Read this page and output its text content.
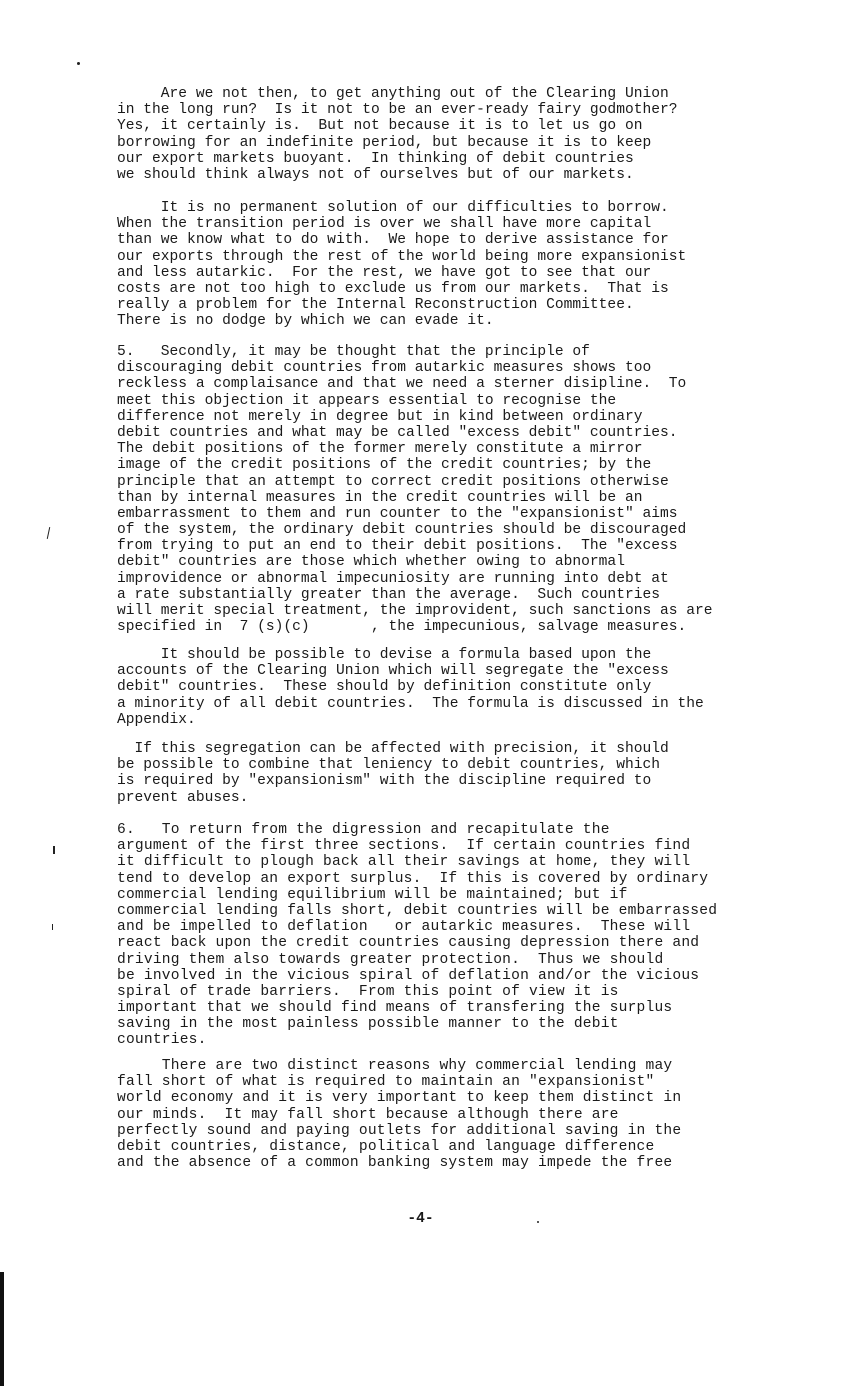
Are we not then, to get anything out of the Clearing Union
in the long run?  Is it not to be an ever-ready fairy godmother?
Yes, it certainly is.  But not because it is to let us go on
borrowing for an indefinite period, but because it is to keep
our export markets buoyant.  In thinking of debit countries
we should think always not of ourselves but of our markets.
It is no permanent solution of our difficulties to borrow.
When the transition period is over we shall have more capital
than we know what to do with.  We hope to derive assistance for
our exports through the rest of the world being more expansionist
and less autarkic.  For the rest, we have got to see that our
costs are not too high to exclude us from our markets.  That is
really a problem for the Internal Reconstruction Committee.
There is no dodge by which we can evade it.
5.   Secondly, it may be thought that the principle of
discouraging debit countries from autarkic measures shows too
reckless a complaisance and that we need a sterner disipline.  To
meet this objection it appears essential to recognise the
difference not merely in degree but in kind between ordinary
debit countries and what may be called "excess debit" countries.
The debit positions of the former merely constitute a mirror
image of the credit positions of the credit countries; by the
principle that an attempt to correct credit positions otherwise
than by internal measures in the credit countries will be an
embarrassment to them and run counter to the "expansionist" aims
of the system, the ordinary debit countries should be discouraged
from trying to put an end to their debit positions.  The "excess
debit" countries are those which whether owing to abnormal
improvidence or abnormal impecuniosity are running into debt at
a rate substantially greater than the average.  Such countries
will merit special treatment, the improvident, such sanctions as are
specified in  7 (s)(c)       , the impecunious, salvage measures.
It should be possible to devise a formula based upon the
accounts of the Clearing Union which will segregate the "excess
debit" countries.  These should by definition constitute only
a minority of all debit countries.  The formula is discussed in the
Appendix.
If this segregation can be affected with precision, it should
be possible to combine that leniency to debit countries, which
is required by "expansionism" with the discipline required to
prevent abuses.
6.   To return from the digression and recapitulate the
argument of the first three sections.  If certain countries find
it difficult to plough back all their savings at home, they will
tend to develop an export surplus.  If this is covered by ordinary
commercial lending equilibrium will be maintained; but if
commercial lending falls short, debit countries will be embarrassed
and be impelled to deflation   or autarkic measures.  These will
react back upon the credit countries causing depression there and
driving them also towards greater protection.  Thus we should
be involved in the vicious spiral of deflation and/or the vicious
spiral of trade barriers.  From this point of view it is
important that we should find means of transfering the surplus
saving in the most painless possible manner to the debit
countries.
There are two distinct reasons why commercial lending may
fall short of what is required to maintain an "expansionist"
world economy and it is very important to keep them distinct in
our minds.  It may fall short because although there are
perfectly sound and paying outlets for additional saving in the
debit countries, distance, political and language difference
and the absence of a common banking system may impede the free
-4-
